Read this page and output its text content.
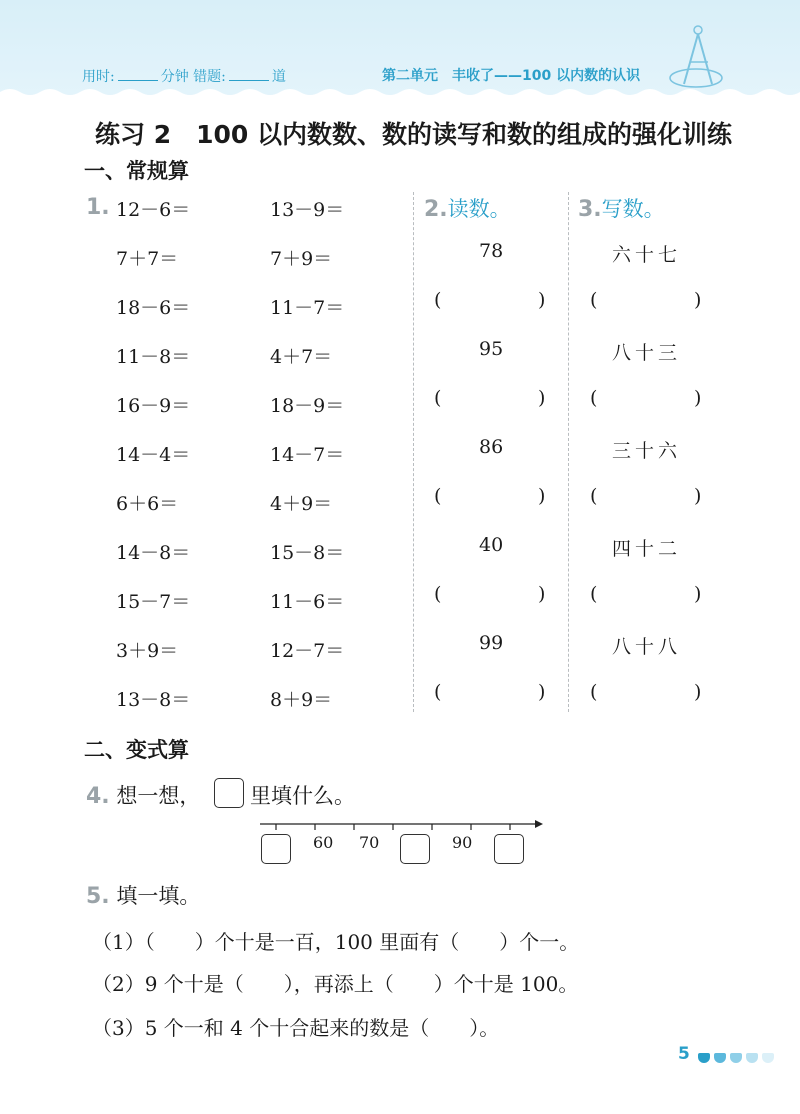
用时:	分钟 错题:	道	第二单元　丰收了——100 以内数的认识
练习 2　100 以内数数、数的读写和数的组成的强化训练
一、常规算
1.	2.读数。	3.写数。
12－6＝	13－9＝
7＋7＝	7＋9＝
18－6＝	11－7＝
11－8＝	4＋7＝
16－9＝	18－9＝
14－4＝	14－7＝
6＋6＝	4＋9＝
14－8＝	15－8＝
15－7＝	11－6＝
3＋9＝	12－7＝
13－8＝	8＋9＝
78
(	)
95
(	)
86
(	)
40
(	)
99
(	)
六十七
(	)
八十三
(	)
三十六
(	)
四十二
(	)
八十八
(	)
二、变式算
4. 想一想， 里填什么。
60 70	90
5. 填一填。
（1）（　　）个十是一百，100 里面有（　　）个一。
（2）9 个十是（　　），再添上（　　）个十是 100。
（3）5 个一和 4 个十合起来的数是（　　）。
5
